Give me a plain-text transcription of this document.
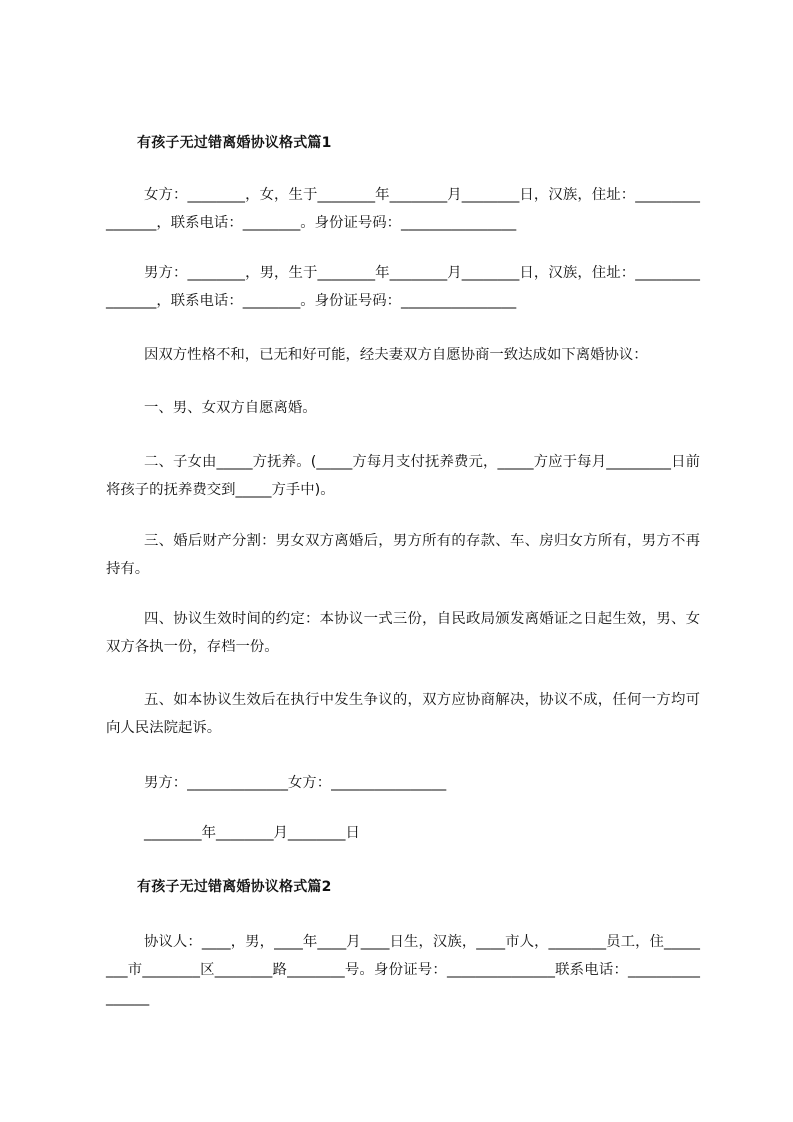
有孩子无过错离婚协议格式篇1
女方：________，女，生于________年________月________日，汉族，住址：________________，联系电话：________。身份证号码：________________
男方：________，男，生于________年________月________日，汉族，住址：________________，联系电话：________。身份证号码：________________
因双方性格不和，已无和好可能，经夫妻双方自愿协商一致达成如下离婚协议：
一、男、女双方自愿离婚。
二、子女由_____方抚养。(_____方每月支付抚养费元，_____方应于每月_________日前将孩子的抚养费交到_____方手中)。
三、婚后财产分割：男女双方离婚后，男方所有的存款、车、房归女方所有，男方不再持有。
四、协议生效时间的约定：本协议一式三份，自民政局颁发离婚证之日起生效，男、女双方各执一份，存档一份。
五、如本协议生效后在执行中发生争议的，双方应协商解决，协议不成，任何一方均可向人民法院起诉。
男方：______________女方：________________
________年________月________日
有孩子无过错离婚协议格式篇2
协议人：____，男，____年____月____日生，汉族，____市人，________员工，住________市________区________路________号。身份证号：_______________联系电话：________________
